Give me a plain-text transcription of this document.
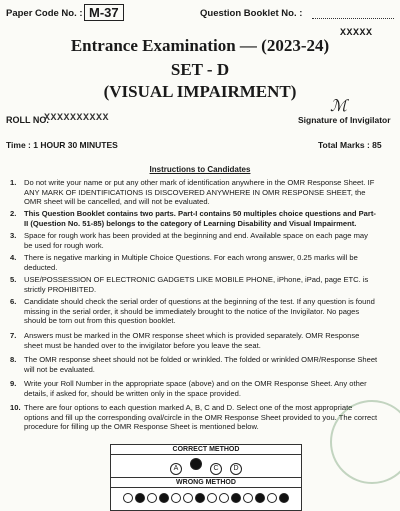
Paper Code No. : M-37	Question Booklet No. :
XXXXX
Entrance Examination — (2023-24)
SET - D
(VISUAL IMPAIRMENT)
ROLL NO.
XXXXXXXXXX
ℳ
Signature of Invigilator
Time : 1 HOUR 30 MINUTES	Total Marks : 85
Instructions to Candidates
1. Do not write your name or put any other mark of identification anywhere in the OMR Response Sheet. IF ANY MARK OF IDENTIFICATIONS IS DISCOVERED ANYWHERE IN OMR RESPONSE SHEET, the OMR sheet will be cancelled, and will not be evaluated.
2. This Question Booklet contains two parts. Part-I contains 50 multiples choice questions and Part-II (Question No. 51-85) belongs to the category of Learning Disability and Visual Impairment.
3. Space for rough work has been provided at the beginning and end. Available space on each page may be used for rough work.
4. There is negative marking in Multiple Choice Questions. For each wrong answer, 0.25 marks will be deducted.
5. USE/POSSESSION OF ELECTRONIC GADGETS LIKE MOBILE PHONE, iPhone, iPad, page ETC. is strictly PROHIBITED.
6. Candidate should check the serial order of questions at the beginning of the test. If any question is found missing in the serial order, it should be immediately brought to the notice of the Invigilator. No pages should be torn out from this question booklet.
7. Answers must be marked in the OMR response sheet which is provided separately. OMR Response sheet must be handed over to the invigilator before you leave the seat.
8. The OMR response sheet should not be folded or wrinkled. The folded or wrinkled OMR/Response Sheet will not be evaluated.
9. Write your Roll Number in the appropriate space (above) and on the OMR Response Sheet. Any other details, if asked for, should be written only in the space provided.
10. There are four options to each question marked A, B, C and D. Select one of the most appropriate options and fill up the corresponding oval/circle in the OMR Response Sheet provided to you. The correct procedure for filling up the OMR Response Sheet is mentioned below.
CORRECT METHOD
A	C D
WRONG METHOD
